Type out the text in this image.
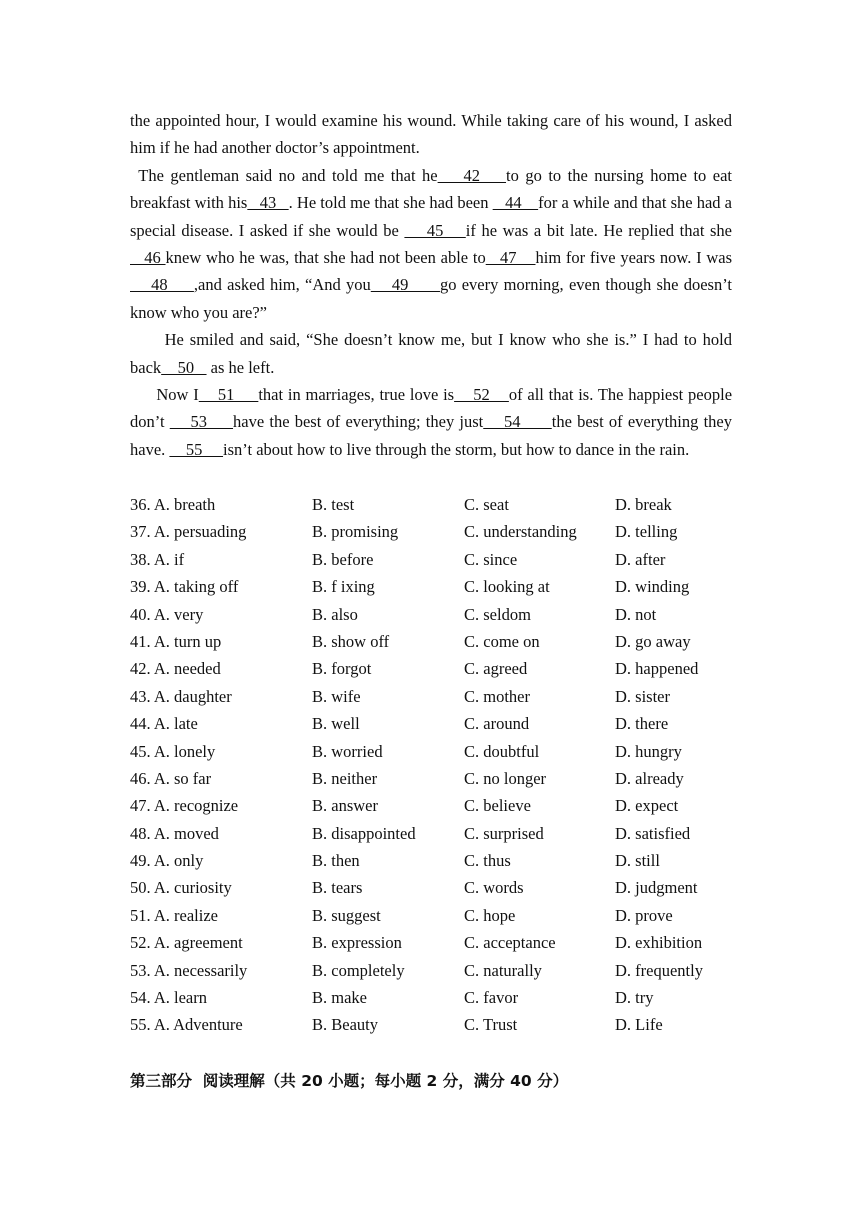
the appointed hour, I would examine his wound. While taking care of his wound, I asked him if he had another doctor’s appointment.

The gentleman said no and told me that he    42    to go to the nursing home to eat breakfast with his   43   . He told me that she had been    44    for a while and that she had a special disease. I asked if she would be     45    if he was a bit late. He replied that she    46 knew who he was, that she had not been able to   47    him for five years now. I was    48     ,and asked him, “And you    49      go every morning, even though she doesn’t know who you are?”

He smiled and said, “She doesn’t know me, but I know who she is.” I had to hold back    50    as he left.

Now I    51     that in marriages, true love is    52    of all that is. The happiest people don’t     53     have the best of everything; they just    54      the best of everything they have.     55     isn’t about how to live through the storm, but how to dance in the rain.

36. A. breath	B. test	C. seat	D. break
37. A. persuading	B. promising	C. understanding D. telling
38. A. if	B. before	C. since	D. after
39. A. taking off	B. f ixing	C. looking at	D. winding
40. A. very	B. also	C. seldom	D. not
41. A. turn up	B. show off	C. come on	D. go away
42. A. needed	B. forgot	C. agreed	D. happened
43. A. daughter	B. wife	C. mother	D. sister
44. A. late	B. well	C. around	D. there
45. A. lonely	B. worried	C. doubtful	D. hungry
46. A. so far	B. neither	C. no longer	D. already
47. A. recognize	B. answer	C. believe	D. expect
48. A. moved	B. disappointed	C. surprised	D. satisfied
49. A. only	B. then	C. thus	D. still
50. A. curiosity	B. tears	C. words	D. judgment
51. A. realize	B. suggest	C. hope	D. prove
52. A. agreement	B. expression	C. acceptance	D. exhibition
53. A. necessarily	B. completely	C. naturally	D. frequently
54. A. learn	B. make	C. favor	D. try
55. A. Adventure	B. Beauty	C. Trust	D. Life
第三部分  阅读理解（共 20 小题；每小题 2 分，满分 40 分）
